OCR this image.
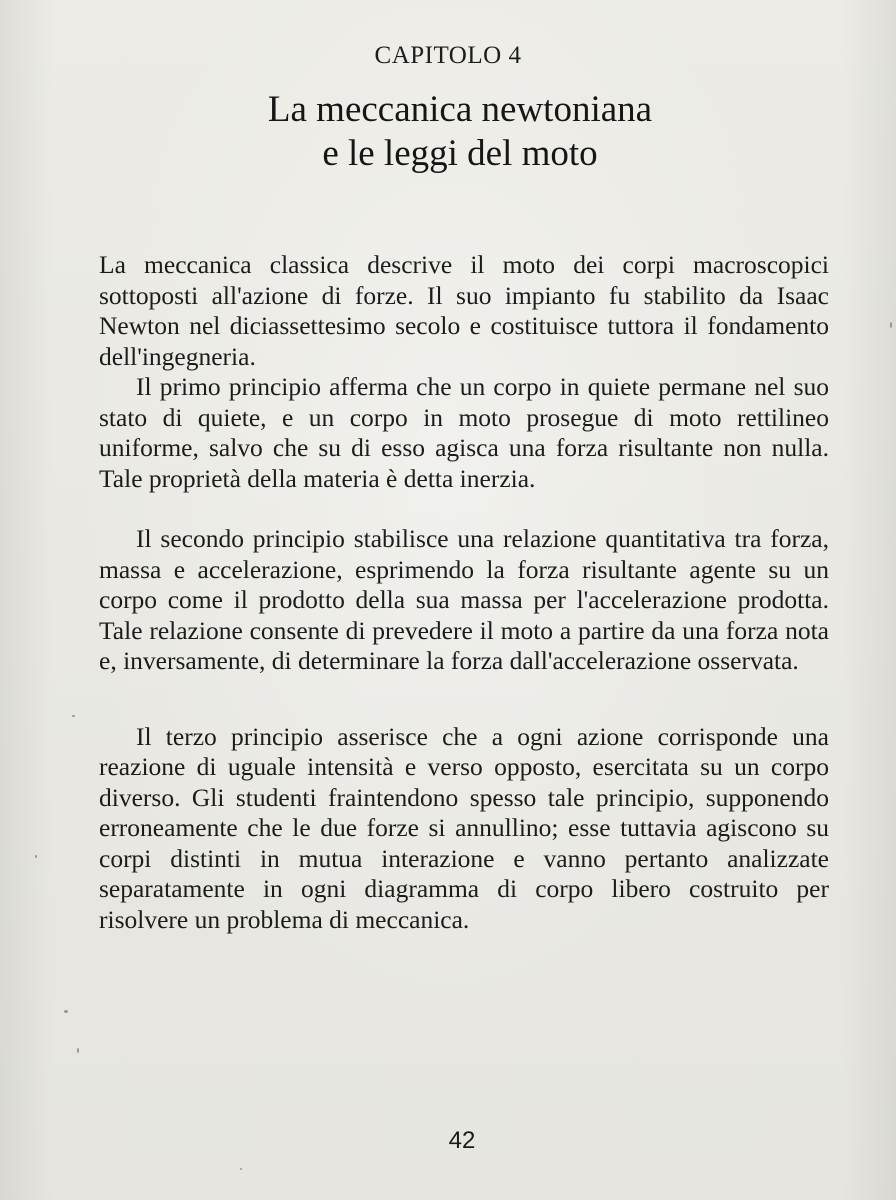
CAPITOLO 4
La meccanica newtoniana
e le leggi del moto

La meccanica classica descrive il moto dei corpi macroscopici sottoposti all'azione di forze. Il suo impianto fu stabilito da Isaac Newton nel diciassettesimo secolo e costituisce tuttora il fondamento dell'ingegneria.

Il primo principio afferma che un corpo in quiete permane nel suo stato di quiete, e un corpo in moto prosegue di moto rettilineo uniforme, salvo che su di esso agisca una forza risultante non nulla. Tale proprietà della materia è detta inerzia.

Il secondo principio stabilisce una relazione quantitativa tra forza, massa e accelerazione, esprimendo la forza risultante agente su un corpo come il prodotto della sua massa per l'accelerazione prodotta. Tale relazione consente di prevedere il moto a partire da una forza nota e, inversamente, di determinare la forza dall'accelerazione osservata.

Il terzo principio asserisce che a ogni azione corrisponde una reazione di uguale intensità e verso opposto, esercitata su un corpo diverso. Gli studenti fraintendono spesso tale principio, supponendo erroneamente che le due forze si annullino; esse tuttavia agiscono su corpi distinti in mutua interazione e vanno pertanto analizzate separatamente in ogni diagramma di corpo libero costruito per risolvere un problema di meccanica.

42
